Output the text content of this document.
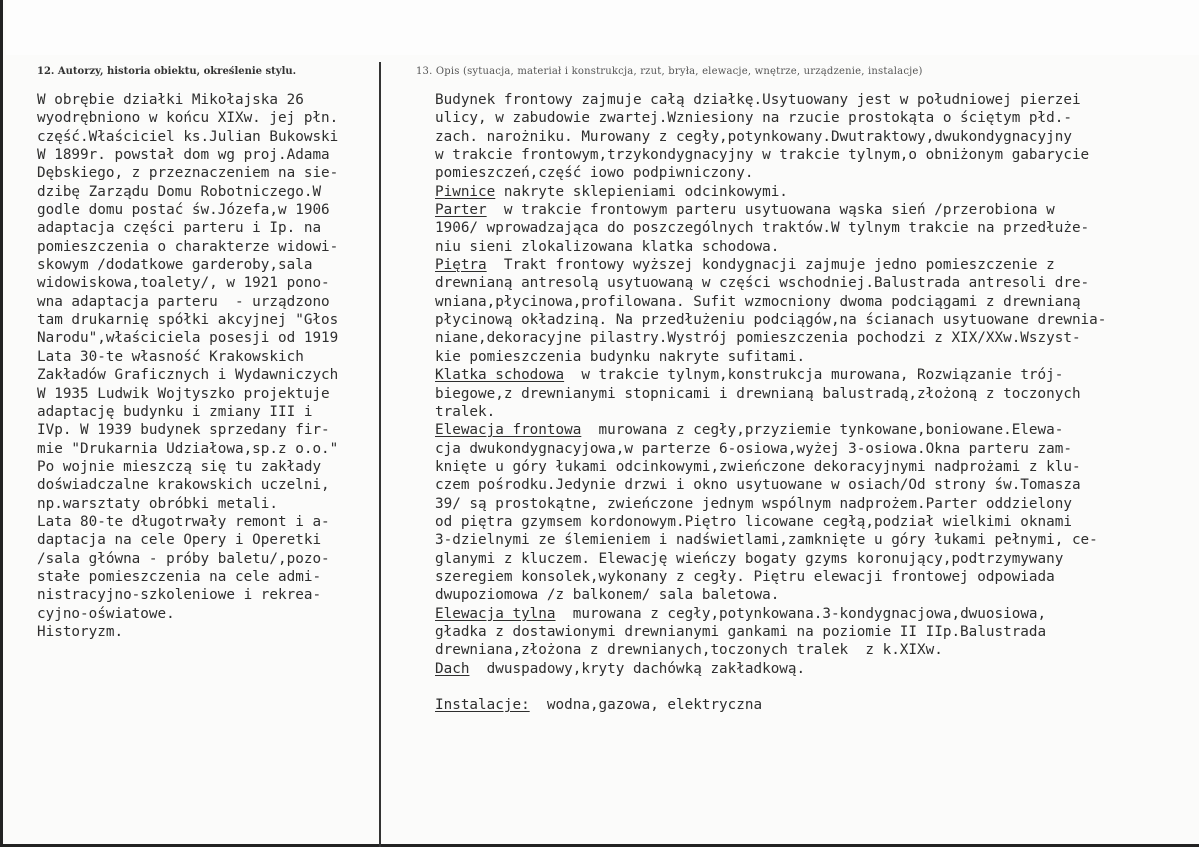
12. Autorzy, historia obiektu, określenie stylu.	13. Opis (sytuacja, materiał i konstrukcja, rzut, bryła, elewacje, wnętrze, urządzenie, instalacje)
W obrębie działki Mikołajska 26
wyodrębniono w końcu XIXw. jej płn.
część.Właściciel ks.Julian Bukowski
W 1899r. powstał dom wg proj.Adama
Dębskiego, z przeznaczeniem na sie-
dzibę Zarządu Domu Robotniczego.W
godle domu postać św.Józefa,w 1906
adaptacja części parteru i Ip. na
pomieszczenia o charakterze widowi-
skowym /dodatkowe garderoby,sala
widowiskowa,toalety/, w 1921 pono-
wna adaptacja parteru  - urządzono
tam drukarnię spółki akcyjnej "Głos
Narodu",właściciela posesji od 1919
Lata 30-te własność Krakowskich
Zakładów Graficznych i Wydawniczych
W 1935 Ludwik Wojtyszko projektuje
adaptację budynku i zmiany III i
IVp. W 1939 budynek sprzedany fir-
mie "Drukarnia Udziałowa,sp.z o.o."
Po wojnie mieszczą się tu zakłady
doświadczalne krakowskich uczelni,
np.warsztaty obróbki metali.
Lata 80-te długotrwały remont i a-
daptacja na cele Opery i Operetki
/sala główna - próby baletu/,pozo-
stałe pomieszczenia na cele admi-
nistracyjno-szkoleniowe i rekrea-
cyjno-oświatowe.
Historyzm.
Budynek frontowy zajmuje całą działkę.Usytuowany jest w południowej pierzei
ulicy, w zabudowie zwartej.Wzniesiony na rzucie prostokąta o ściętym płd.-
zach. narożniku. Murowany z cegły,potynkowany.Dwutraktowy,dwukondygnacyjny
w trakcie frontowym,trzykondygnacyjny w trakcie tylnym,o obniżonym gabarycie
pomieszczeń,część iowo podpiwniczony.
Piwnice nakryte sklepieniami odcinkowymi.
Parter  w trakcie frontowym parteru usytuowana wąska sień /przerobiona w
1906/ wprowadzająca do poszczególnych traktów.W tylnym trakcie na przedłuże-
niu sieni zlokalizowana klatka schodowa.
Piętra  Trakt frontowy wyższej kondygnacji zajmuje jedno pomieszczenie z
drewnianą antresolą usytuowaną w części wschodniej.Balustrada antresoli dre-
wniana,płycinowa,profilowana. Sufit wzmocniony dwoma podciągami z drewnianą
płycinową okładziną. Na przedłużeniu podciągów,na ścianach usytuowane drewnia-
niane,dekoracyjne pilastry.Wystrój pomieszczenia pochodzi z XIX/XXw.Wszyst-
kie pomieszczenia budynku nakryte sufitami.
Klatka schodowa  w trakcie tylnym,konstrukcja murowana, Rozwiązanie trój-
biegowe,z drewnianymi stopnicami i drewnianą balustradą,złożoną z toczonych
tralek.
Elewacja frontowa  murowana z cegły,przyziemie tynkowane,boniowane.Elewa-
cja dwukondygnacyjowa,w parterze 6-osiowa,wyżej 3-osiowa.Okna parteru zam-
knięte u góry łukami odcinkowymi,zwieńczone dekoracyjnymi nadprożami z klu-
czem pośrodku.Jedynie drzwi i okno usytuowane w osiach/Od strony św.Tomasza
39/ są prostokątne, zwieńczone jednym wspólnym nadprożem.Parter oddzielony
od piętra gzymsem kordonowym.Piętro licowane cegłą,podział wielkimi oknami
3-dzielnymi ze ślemieniem i nadświetlami,zamknięte u góry łukami pełnymi, ce-
glanymi z kluczem. Elewację wieńczy bogaty gzyms koronujący,podtrzymywany
szeregiem konsolek,wykonany z cegły. Piętru elewacji frontowej odpowiada
dwupoziomowa /z balkonem/ sala baletowa.
Elewacja tylna  murowana z cegły,potynkowana.3-kondygnacjowa,dwuosiowa,
gładka z dostawionymi drewnianymi gankami na poziomie II IIp.Balustrada
drewniana,złożona z drewnianych,toczonych tralek  z k.XIXw.
Dach  dwuspadowy,kryty dachówką zakładkową.
Instalacje: wodna,gazowa, elektryczna
